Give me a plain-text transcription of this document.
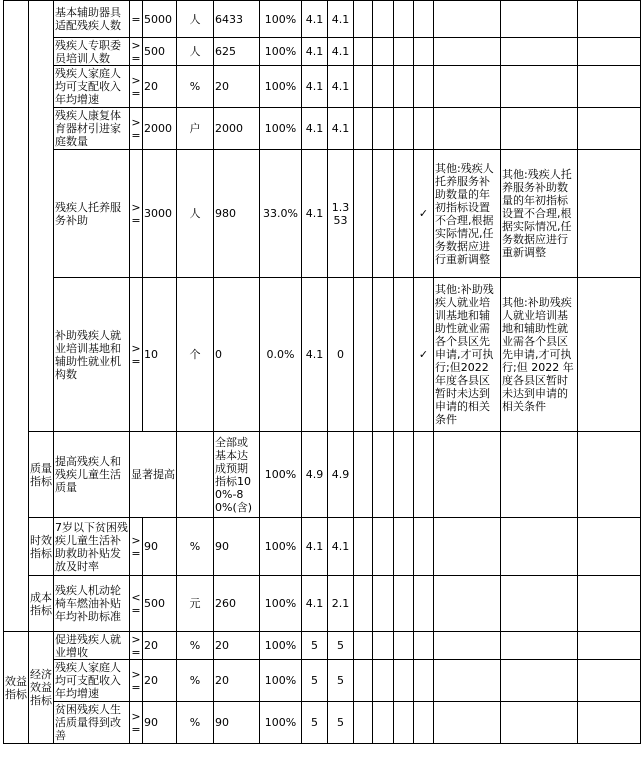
		基本辅助器具适配残疾人数	=	5000	人	6433	100%	4.1	4.1							
		残疾人专职委员培训人数	>=	500	人	625	100%	4.1	4.1							
		残疾人家庭人均可支配收入年均增速	>=	20	%	20	100%	4.1	4.1							
		残疾人康复体育器材引进家庭数量	>=	2000	户	2000	100%	4.1	4.1							
		残疾人托养服务补助	>=	3000	人	980	33.0%	4.1	1.353				✓	其他:残疾人托养服务补助数量的年初指标设置不合理,根据实际情况,任务数据应进行重新调整	其他:残疾人托养服务补助数量的年初指标设置不合理,根据实际情况,任务数据应进行重新调整	
		补助残疾人就业培训基地和辅助性就业机构数	>=	10	个	0	0.0%	4.1	0				✓	其他:补助残疾人就业培训基地和辅助性就业需各个县区先申请,才可执行;但2022年度各县区暂时未达到申请的相关条件	其他:补助残疾人就业培训基地和辅助性就业需各个县区先申请,才可执行;但 2022 年度各县区暂时未达到申请的相关条件	
	质量指标	提高残疾人和残疾儿童生活质量	显著提高			全部或基本达成预期指标100%-80%(含)	100%	4.9	4.9							
	时效指标	7岁以下贫困残疾儿童生活补助救助补贴发放及时率	>=	90	%	90	100%	4.1	4.1							
	成本指标	残疾人机动轮椅车燃油补贴年均补助标准	<=	500	元	260	100%	4.1	2.1							
效益指标	经济效益指标	促进残疾人就业增收	>=	20	%	20	100%	5	5							
		残疾人家庭人均可支配收入年均增速	>=	20	%	20	100%	5	5							
		贫困残疾人生活质量得到改善	>=	90	%	90	100%	5	5							
